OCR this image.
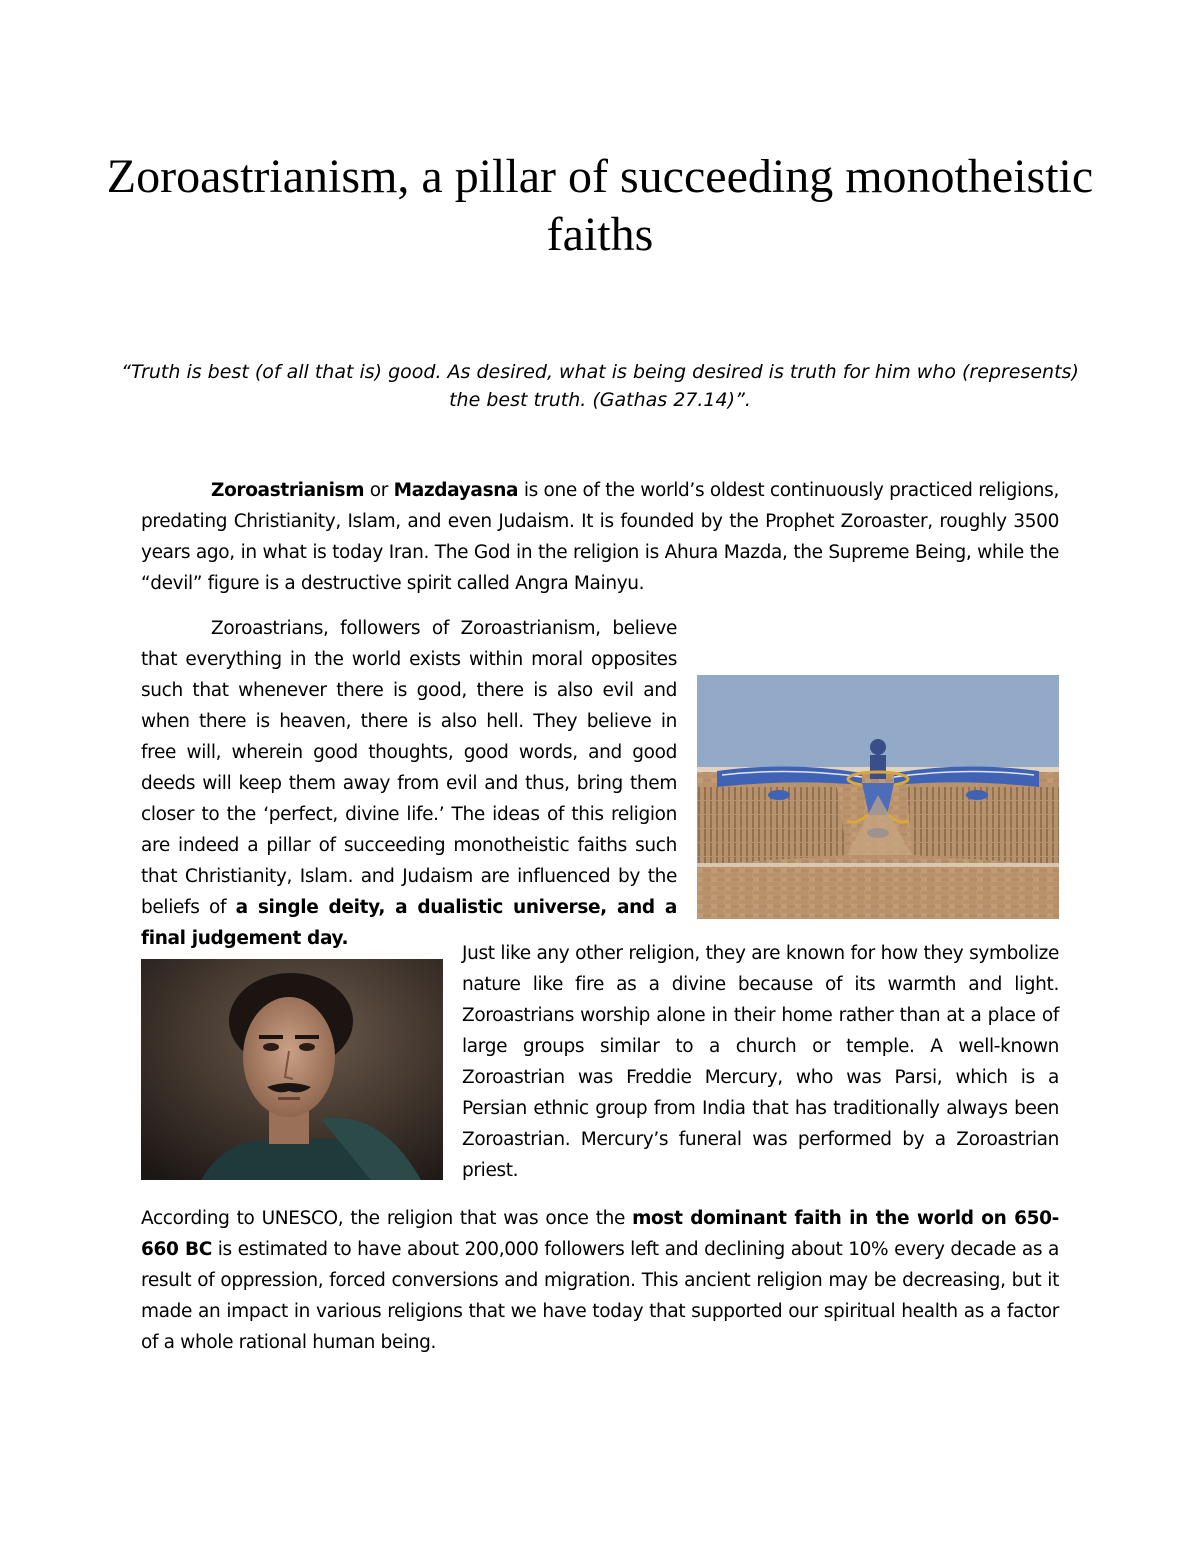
Zoroastrianism, a pillar of succeeding monotheistic faiths

“Truth is best (of all that is) good. As desired, what is being desired is truth for him who (represents) the best truth. (Gathas 27.14)”.

Zoroastrianism or Mazdayasna is one of the world’s oldest continuously practiced religions, predating Christianity, Islam, and even Judaism. It is founded by the Prophet Zoroaster, roughly 3500 years ago, in what is today Iran. The God in the religion is Ahura Mazda, the Supreme Being, while the “devil” figure is a destructive spirit called Angra Mainyu.

Zoroastrians, followers of Zoroastrianism, believe that everything in the world exists within moral opposites such that whenever there is good, there is also evil and when there is heaven, there is also hell. They believe in free will, wherein good thoughts, good words, and good deeds will keep them away from evil and thus, bring them closer to the ‘perfect, divine life.’ The ideas of this religion are indeed a pillar of succeeding monotheistic faiths such that Christianity, Islam. and Judaism are influenced by the beliefs of a single deity, a dualistic universe, and a final judgement day.

Just like any other religion, they are known for how they symbolize nature like fire as a divine because of its warmth and light. Zoroastrians worship alone in their home rather than at a place of large groups similar to a church or temple. A well-known Zoroastrian was Freddie Mercury, who was Parsi, which is a Persian ethnic group from India that has traditionally always been Zoroastrian. Mercury’s funeral was performed by a Zoroastrian priest.

According to UNESCO, the religion that was once the most dominant faith in the world on 650-660 BC is estimated to have about 200,000 followers left and declining about 10% every decade as a result of oppression, forced conversions and migration. This ancient religion may be decreasing, but it made an impact in various religions that we have today that supported our spiritual health as a factor of a whole rational human being.
